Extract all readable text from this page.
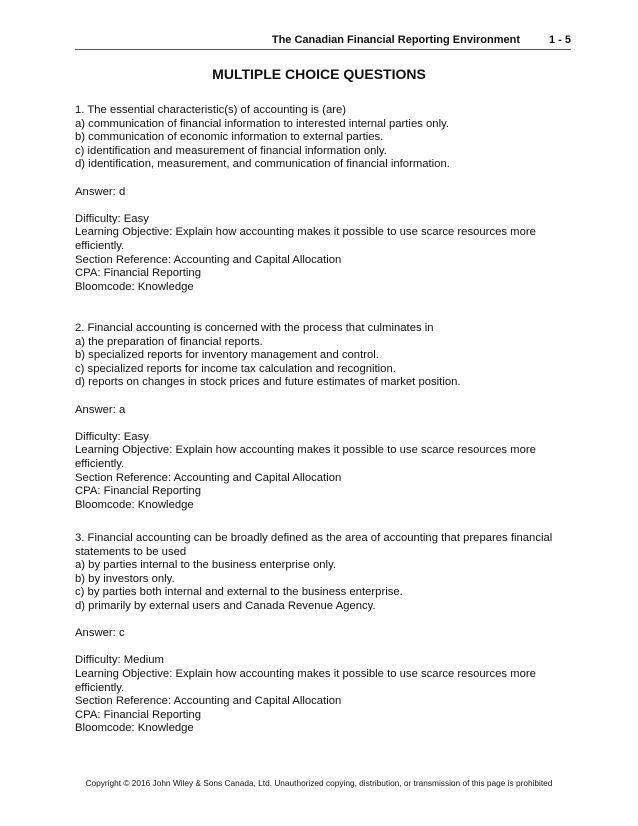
The Canadian Financial Reporting Environment	1 - 5
MULTIPLE CHOICE QUESTIONS
1. The essential characteristic(s) of accounting is (are)
a) communication of financial information to interested internal parties only.
b) communication of economic information to external parties.
c) identification and measurement of financial information only.
d) identification, measurement, and communication of financial information.
Answer: d
Difficulty: Easy
Learning Objective: Explain how accounting makes it possible to use scarce resources more efficiently.
Section Reference: Accounting and Capital Allocation
CPA: Financial Reporting
Bloomcode: Knowledge
2. Financial accounting is concerned with the process that culminates in
a) the preparation of financial reports.
b) specialized reports for inventory management and control.
c) specialized reports for income tax calculation and recognition.
d) reports on changes in stock prices and future estimates of market position.
Answer: a
Difficulty: Easy
Learning Objective: Explain how accounting makes it possible to use scarce resources more efficiently.
Section Reference: Accounting and Capital Allocation
CPA: Financial Reporting
Bloomcode: Knowledge
3. Financial accounting can be broadly defined as the area of accounting that prepares financial statements to be used
a) by parties internal to the business enterprise only.
b) by investors only.
c) by parties both internal and external to the business enterprise.
d) primarily by external users and Canada Revenue Agency.
Answer: c
Difficulty: Medium
Learning Objective: Explain how accounting makes it possible to use scarce resources more efficiently.
Section Reference: Accounting and Capital Allocation
CPA: Financial Reporting
Bloomcode: Knowledge
Copyright © 2016 John Wiley & Sons Canada, Ltd. Unauthorized copying, distribution, or transmission of this page is prohibited
